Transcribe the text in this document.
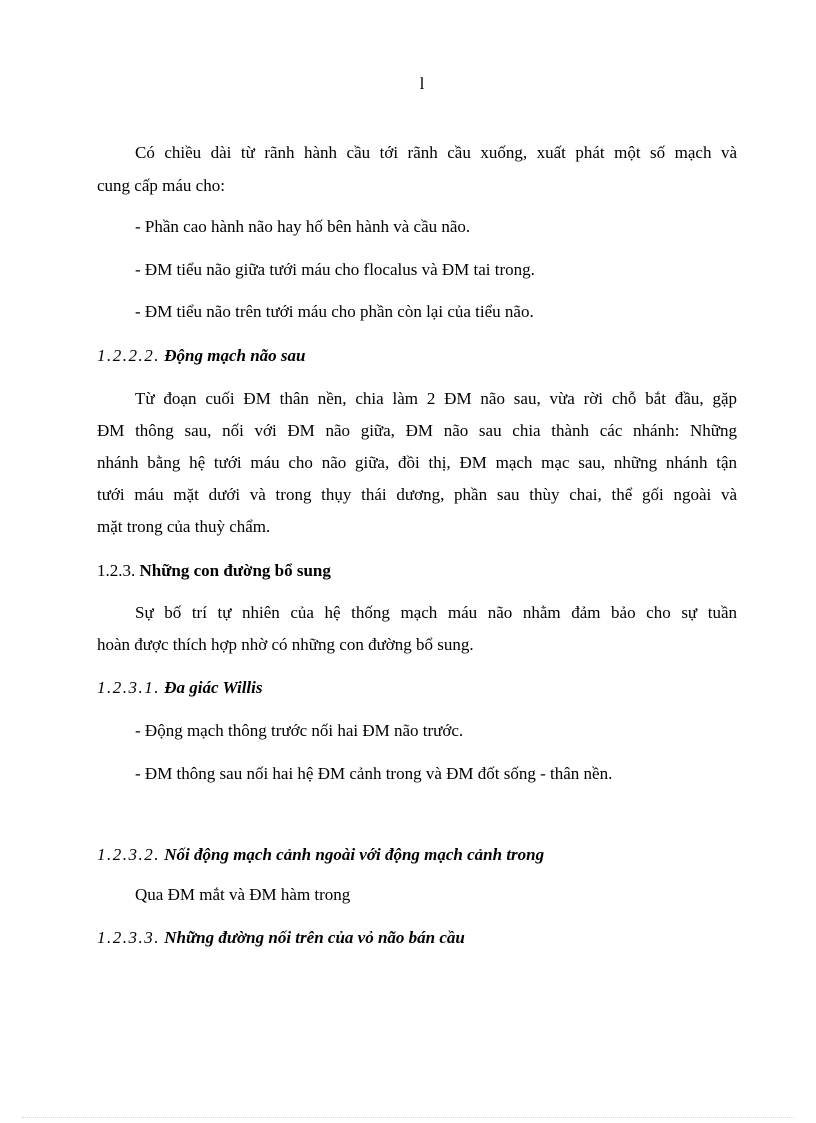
l
Có chiều dài từ rãnh hành cầu tới rãnh cầu xuống, xuất phát một số mạch và
cung cấp máu cho:
- Phần cao hành não hay hố bên hành và cầu não.
- ĐM tiểu não giữa tưới máu cho flocalus và ĐM tai trong.
- ĐM tiểu não trên tưới máu cho phần còn lại của tiểu não.
1.2.2.2. Động mạch não sau
Từ đoạn cuối ĐM thân nền, chia làm 2 ĐM não sau, vừa rời chỗ bắt đầu, gặp
ĐM thông sau, nối với ĐM não giữa, ĐM não sau chia thành các nhánh: Những
nhánh bằng hệ tưới máu cho não giữa, đồi thị, ĐM mạch mạc sau, những nhánh tận
tưới máu mặt dưới và trong thụy thái dương, phần sau thùy chai, thể gối ngoài và
mặt trong của thuỳ chẩm.
1.2.3. Những con đường bổ sung
Sự bố trí tự nhiên của hệ thống mạch máu não nhằm đảm bảo cho sự tuần
hoàn được thích hợp nhờ có những con đường bổ sung.
1.2.3.1. Đa giác Willis
- Động mạch thông trước nối hai ĐM não trước.
- ĐM thông sau nối hai hệ ĐM cảnh trong và ĐM đốt sống - thân nền.
1.2.3.2. Nối động mạch cảnh ngoài với động mạch cảnh trong
Qua ĐM mắt và ĐM hàm trong
1.2.3.3. Những đường nối trên của vỏ não bán cầu
